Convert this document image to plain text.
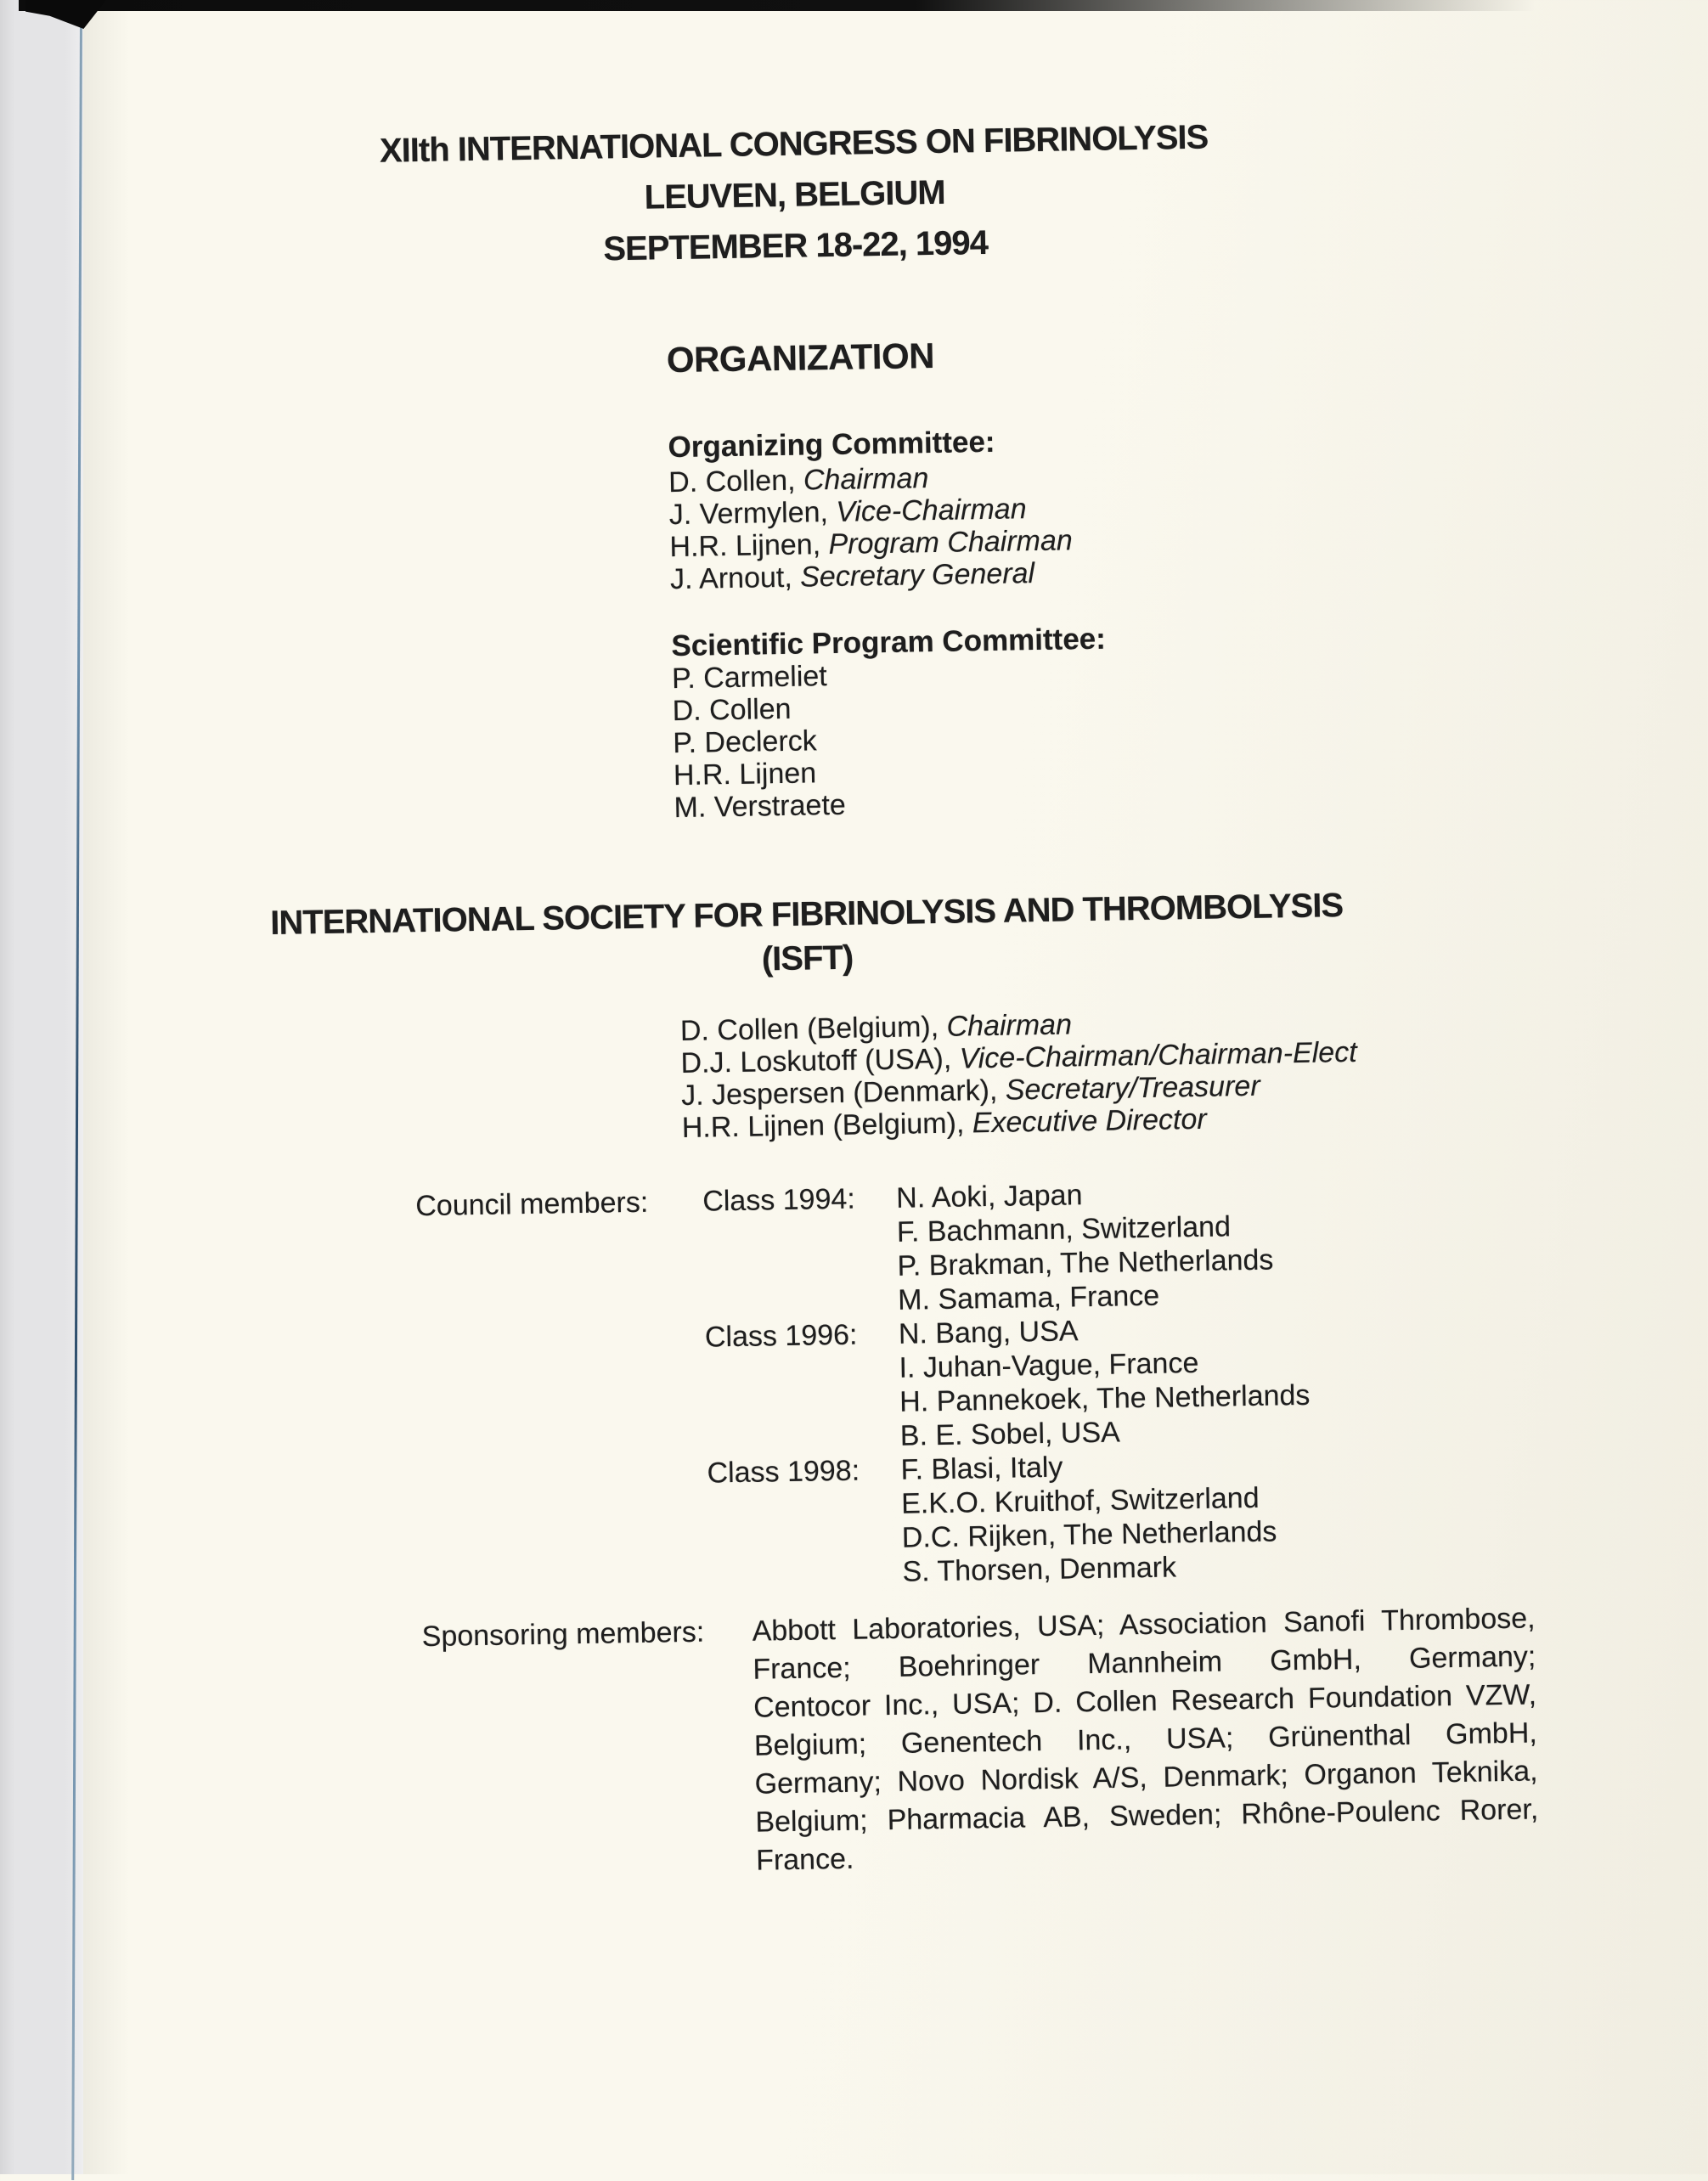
XIIth INTERNATIONAL CONGRESS ON FIBRINOLYSIS
LEUVEN, BELGIUM
SEPTEMBER 18-22, 1994
ORGANIZATION
Organizing Committee:
D. Collen, Chairman
J. Vermylen, Vice-Chairman
H.R. Lijnen, Program Chairman
J. Arnout, Secretary General
Scientific Program Committee:
P. Carmeliet
D. Collen
P. Declerck
H.R. Lijnen
M. Verstraete
INTERNATIONAL SOCIETY FOR FIBRINOLYSIS AND THROMBOLYSIS
(ISFT)
D. Collen (Belgium), Chairman
D.J. Loskutoff (USA), Vice-Chairman/Chairman-Elect
J. Jespersen (Denmark), Secretary/Treasurer
H.R. Lijnen (Belgium), Executive Director
Council members:	Class 1994:	N. Aoki, Japan
F. Bachmann, Switzerland
P. Brakman, The Netherlands
M. Samama, France
Class 1996:	N. Bang, USA
I. Juhan-Vague, France
H. Pannekoek, The Netherlands
B. E. Sobel, USA
Class 1998:	F. Blasi, Italy
E.K.O. Kruithof, Switzerland
D.C. Rijken, The Netherlands
S. Thorsen, Denmark
Sponsoring members:	Abbott Laboratories, USA; Association Sanofi Thrombose,
France; Boehringer Mannheim GmbH, Germany;
Centocor Inc., USA; D. Collen Research Foundation VZW,
Belgium; Genentech Inc., USA; Grünenthal GmbH,
Germany; Novo Nordisk A/S, Denmark; Organon Teknika,
Belgium; Pharmacia AB, Sweden; Rhône-Poulenc Rorer,
France.
